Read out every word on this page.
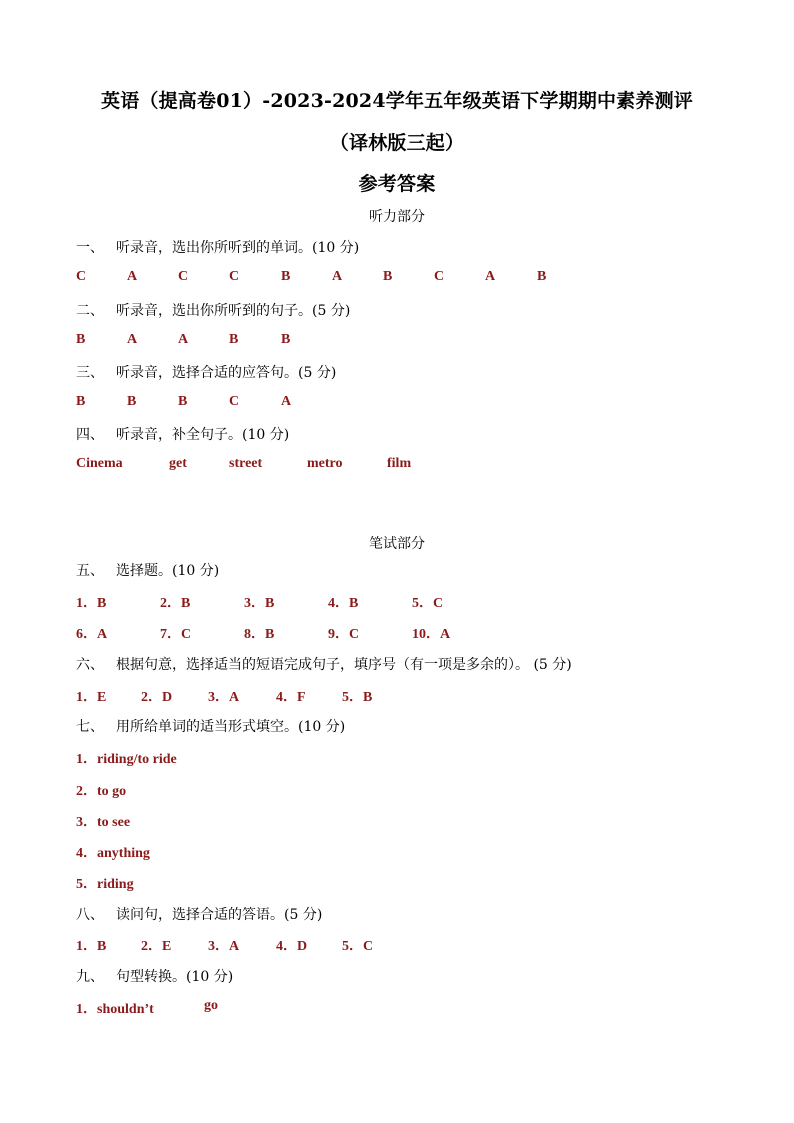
英语（提高卷01）-2023-2024学年五年级英语下学期期中素养测评
（译林版三起）
参考答案
听力部分
一、 听录音，选出你所听到的单词。(10 分)
C	A	C	C	B	A	B	C	A	B
二、 听录音，选出你所听到的句子。(5 分)
B	A	A	B	B
三、 听录音，选择合适的应答句。(5 分)
B	B	B	C	A
四、 听录音，补全句子。(10 分)
Cinema	get	street	metro	film
笔试部分
五、 选择题。(10 分)
1．B	2．B	3．B	4．B	5．C
6．A	7．C	8．B	9．C	10．A
六、 根据句意，选择适当的短语完成句子，填序号（有一项是多余的）。 (5 分)
1．E 2．D	3．A	4．F	5．B
七、 用所给单词的适当形式填空。(10 分)
1．riding/to ride
2．to go
3．to see
4．anything
5．riding
八、 读问句，选择合适的答语。(5 分)
1．B 2．E	3．A	4．D 5．C
九、 句型转换。(10 分)
1．shouldn’t	go
